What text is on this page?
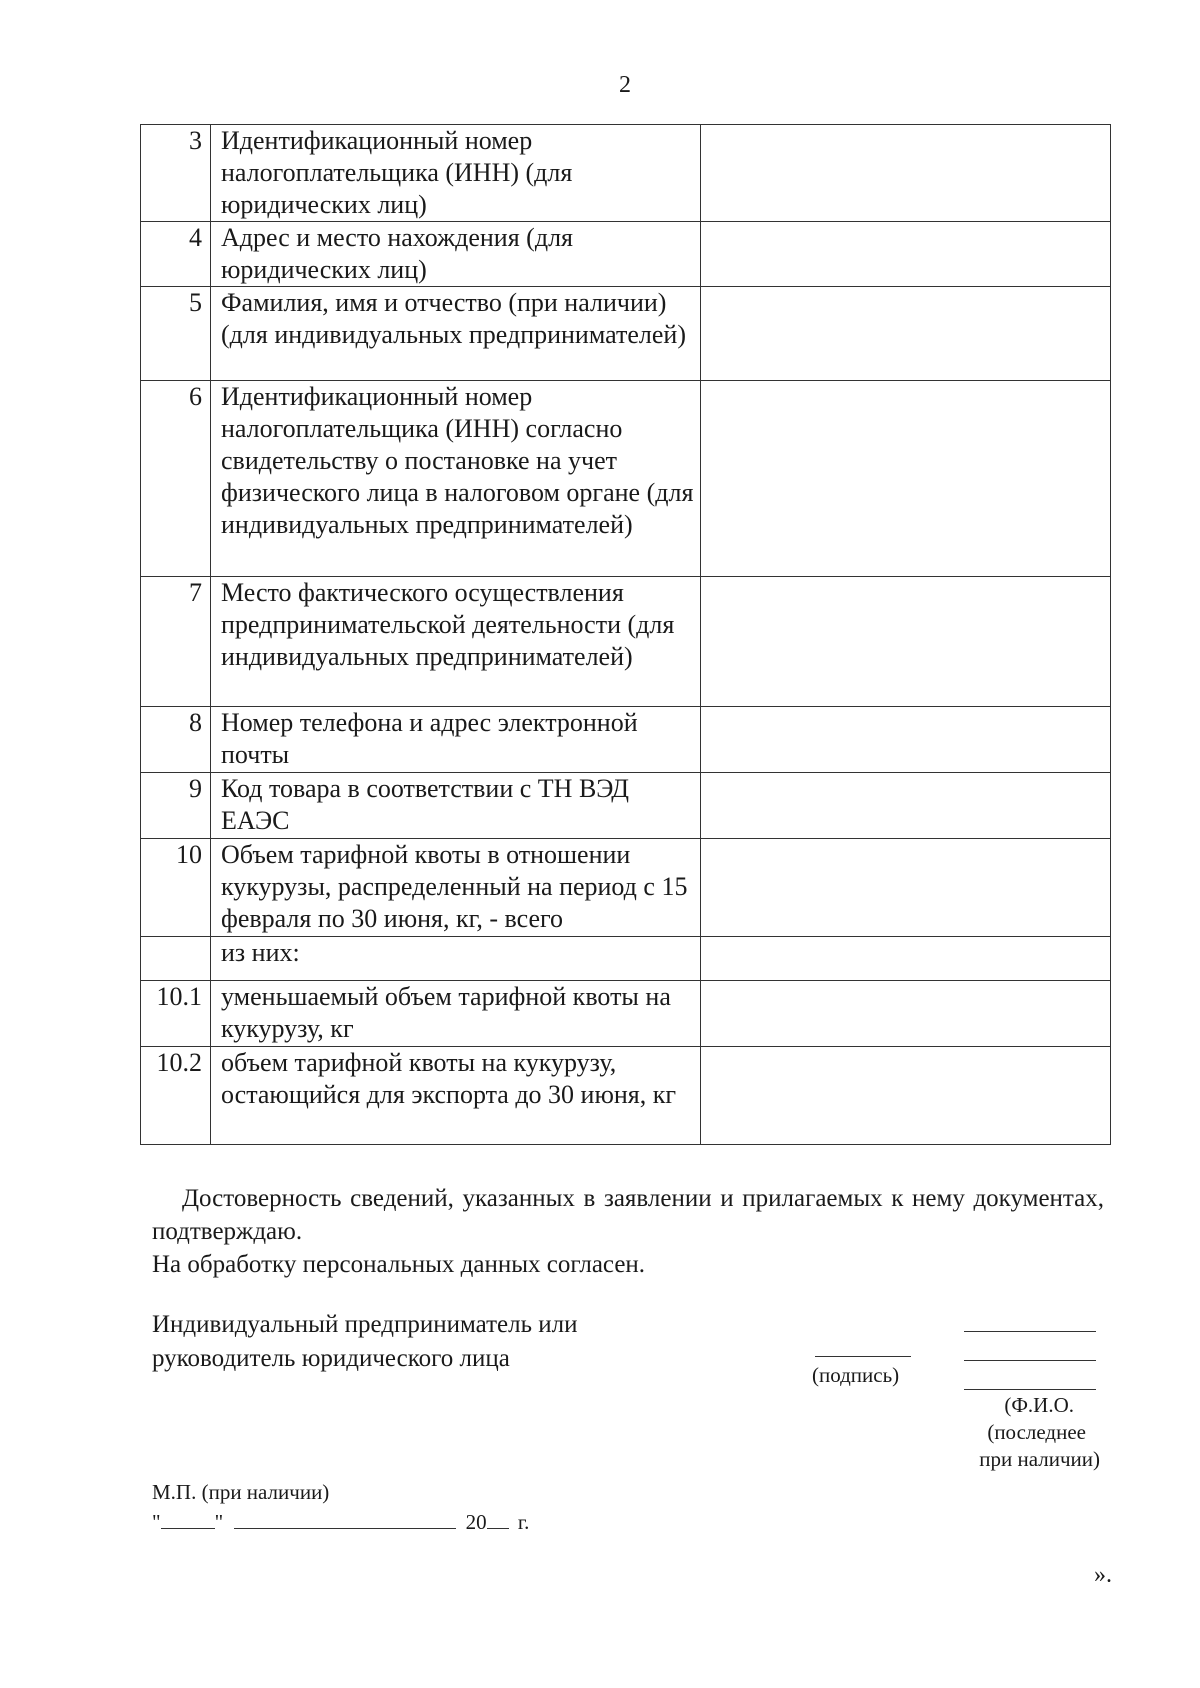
2
3	Идентификационный номер налогоплательщика (ИНН) (для юридических лиц)	
4	Адрес и место нахождения (для юридических лиц)	
5	Фамилия, имя и отчество (при наличии) (для индивидуальных предпринимателей)	
6	Идентификационный номер налогоплательщика (ИНН) согласно свидетельству о постановке на учет физического лица в налоговом органе (для индивидуальных предпринимателей)	
7	Место фактического осуществления предпринимательской деятельности (для индивидуальных предпринимателей)	
8	Номер телефона и адрес электронной почты	
9	Код товара в соответствии с ТН ВЭД ЕАЭС	
10	Объем тарифной квоты в отношении кукурузы, распределенный на период с 15 февраля по 30 июня, кг, - всего	
	из них:	
10.1	уменьшаемый объем тарифной квоты на кукурузу, кг	
10.2	объем тарифной квоты на кукурузу, остающийся для экспорта до 30 июня, кг	
Достоверность сведений, указанных в заявлении и прилагаемых к нему документах, подтверждаю.
На обработку персональных данных согласен.
Индивидуальный предприниматель или
руководитель юридического лица
(подпись)
(Ф.И.О.
(последнее
при наличии)
М.П. (при наличии)
"	"	20 г.
».
